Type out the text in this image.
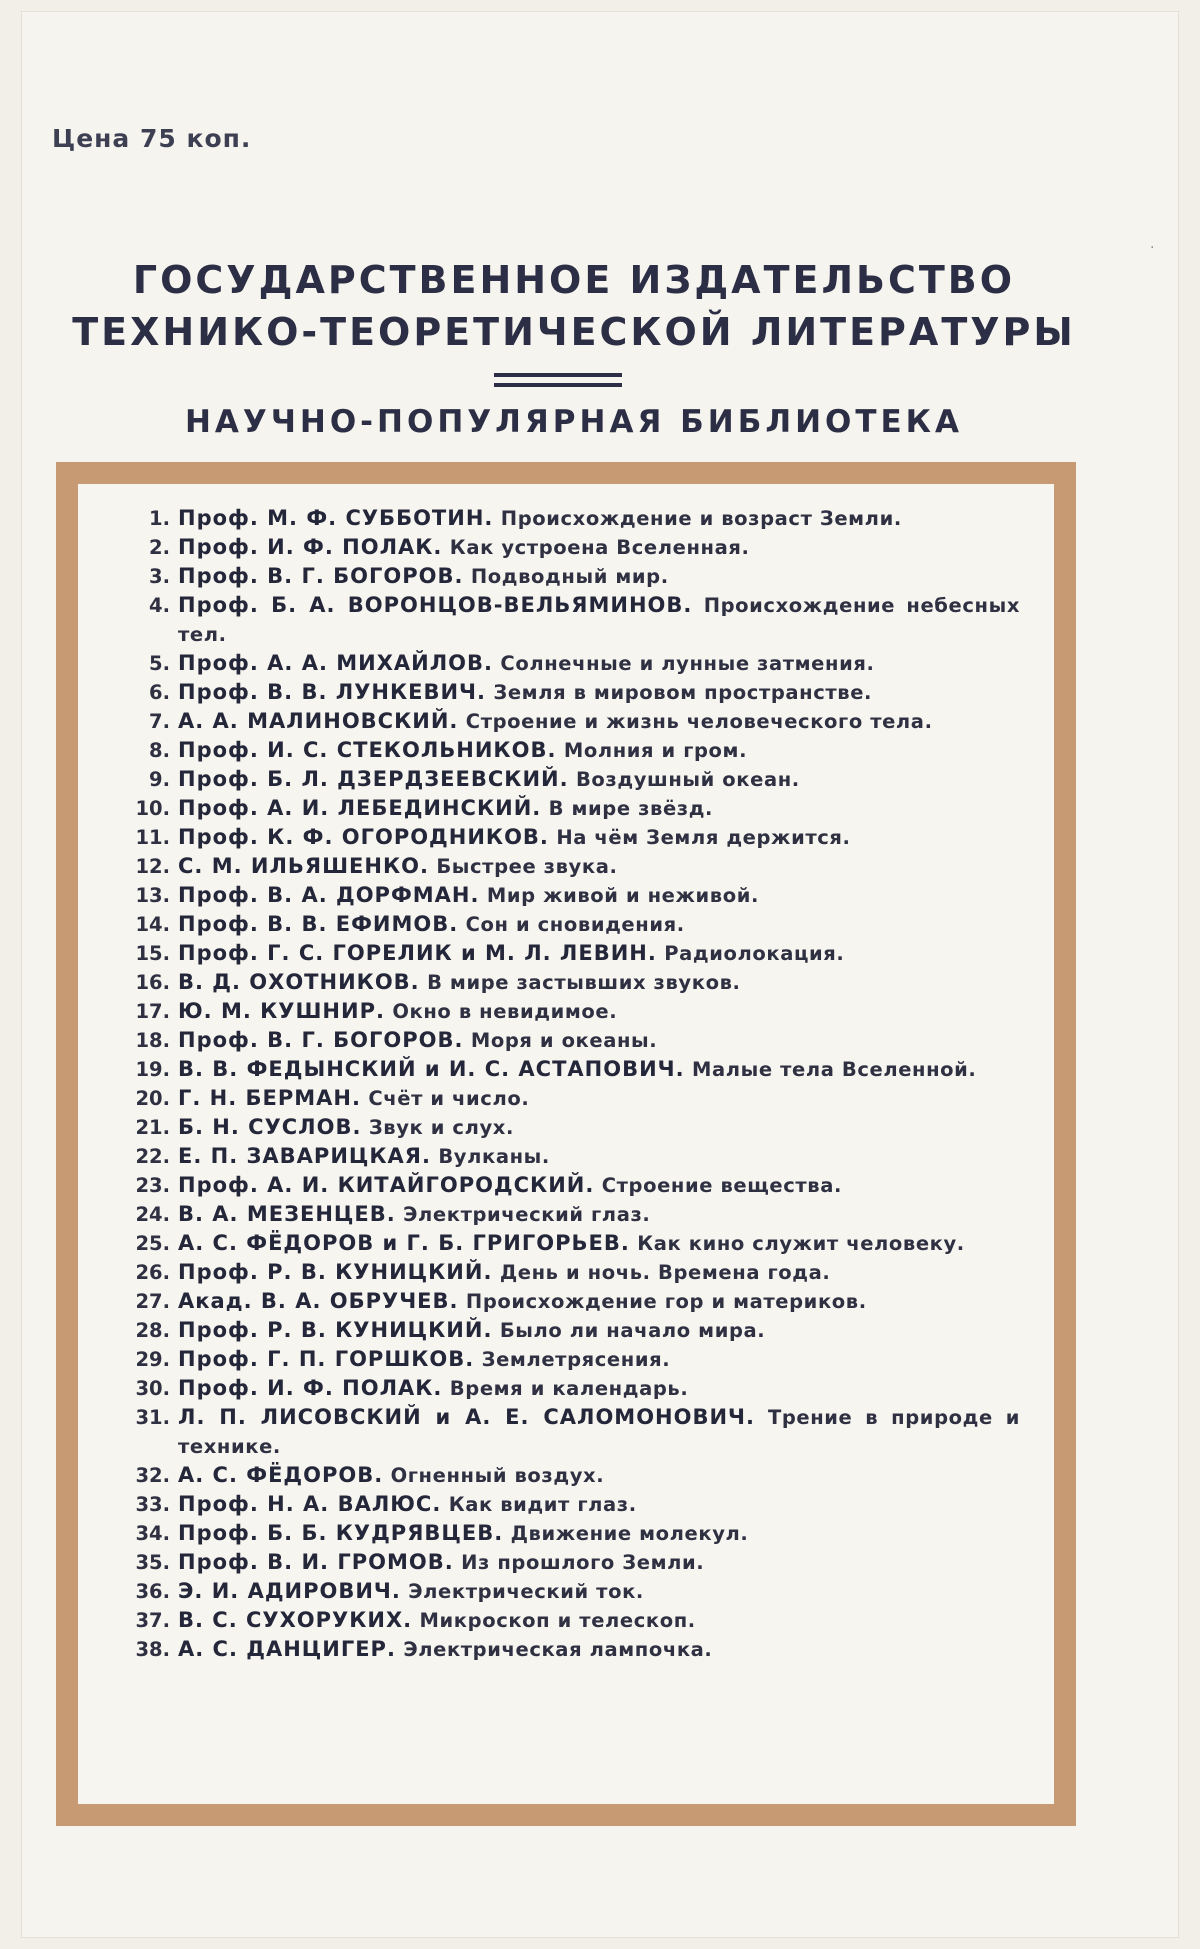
Цена 75 коп.
·
ГОСУДАРСТВЕННОЕ ИЗДАТЕЛЬСТВО
ТЕХНИКО-ТЕОРЕТИЧЕСКОЙ ЛИТЕРАТУРЫ
НАУЧНО-ПОПУЛЯРНАЯ БИБЛИОТЕКА
1. Проф. М. Ф. СУББОТИН. Происхождение и возраст Земли.
2. Проф. И. Ф. ПОЛАК. Как устроена Вселенная.
3. Проф. В. Г. БОГОРОВ. Подводный мир.
4. Проф. Б. А. ВОРОНЦОВ-ВЕЛЬЯМИНОВ. Происхождение небесных тел.
5. Проф. А. А. МИХАЙЛОВ. Солнечные и лунные затмения.
6. Проф. В. В. ЛУНКЕВИЧ. Земля в мировом пространстве.
7. А. А. МАЛИНОВСКИЙ. Строение и жизнь человеческого тела.
8. Проф. И. С. СТЕКОЛЬНИКОВ. Молния и гром.
9. Проф. Б. Л. ДЗЕРДЗЕЕВСКИЙ. Воздушный океан.
10. Проф. А. И. ЛЕБЕДИНСКИЙ. В мире звёзд.
11. Проф. К. Ф. ОГОРОДНИКОВ. На чём Земля держится.
12. С. М. ИЛЬЯШЕНКО. Быстрее звука.
13. Проф. В. А. ДОРФМАН. Мир живой и неживой.
14. Проф. В. В. ЕФИМОВ. Сон и сновидения.
15. Проф. Г. С. ГОРЕЛИК и М. Л. ЛЕВИН. Радиолокация.
16. В. Д. ОХОТНИКОВ. В мире застывших звуков.
17. Ю. М. КУШНИР. Окно в невидимое.
18. Проф. В. Г. БОГОРОВ. Моря и океаны.
19. В. В. ФЕДЫНСКИЙ и И. С. АСТАПОВИЧ. Малые тела Вселенной.
20. Г. Н. БЕРМАН. Счёт и число.
21. Б. Н. СУСЛОВ. Звук и слух.
22. Е. П. ЗАВАРИЦКАЯ. Вулканы.
23. Проф. А. И. КИТАЙГОРОДСКИЙ. Строение вещества.
24. В. А. МЕЗЕНЦЕВ. Электрический глаз.
25. А. С. ФЁДОРОВ и Г. Б. ГРИГОРЬЕВ. Как кино служит человеку.
26. Проф. Р. В. КУНИЦКИЙ. День и ночь. Времена года.
27. Акад. В. А. ОБРУЧЕВ. Происхождение гор и материков.
28. Проф. Р. В. КУНИЦКИЙ. Было ли начало мира.
29. Проф. Г. П. ГОРШКОВ. Землетрясения.
30. Проф. И. Ф. ПОЛАК. Время и календарь.
31. Л. П. ЛИСОВСКИЙ и А. Е. САЛОМОНОВИЧ. Трение в природе и технике.
32. А. С. ФЁДОРОВ. Огненный воздух.
33. Проф. Н. А. ВАЛЮС. Как видит глаз.
34. Проф. Б. Б. КУДРЯВЦЕВ. Движение молекул.
35. Проф. В. И. ГРОМОВ. Из прошлого Земли.
36. Э. И. АДИРОВИЧ. Электрический ток.
37. В. С. СУХОРУКИХ. Микроскоп и телескоп.
38. А. С. ДАНЦИГЕР. Электрическая лампочка.
